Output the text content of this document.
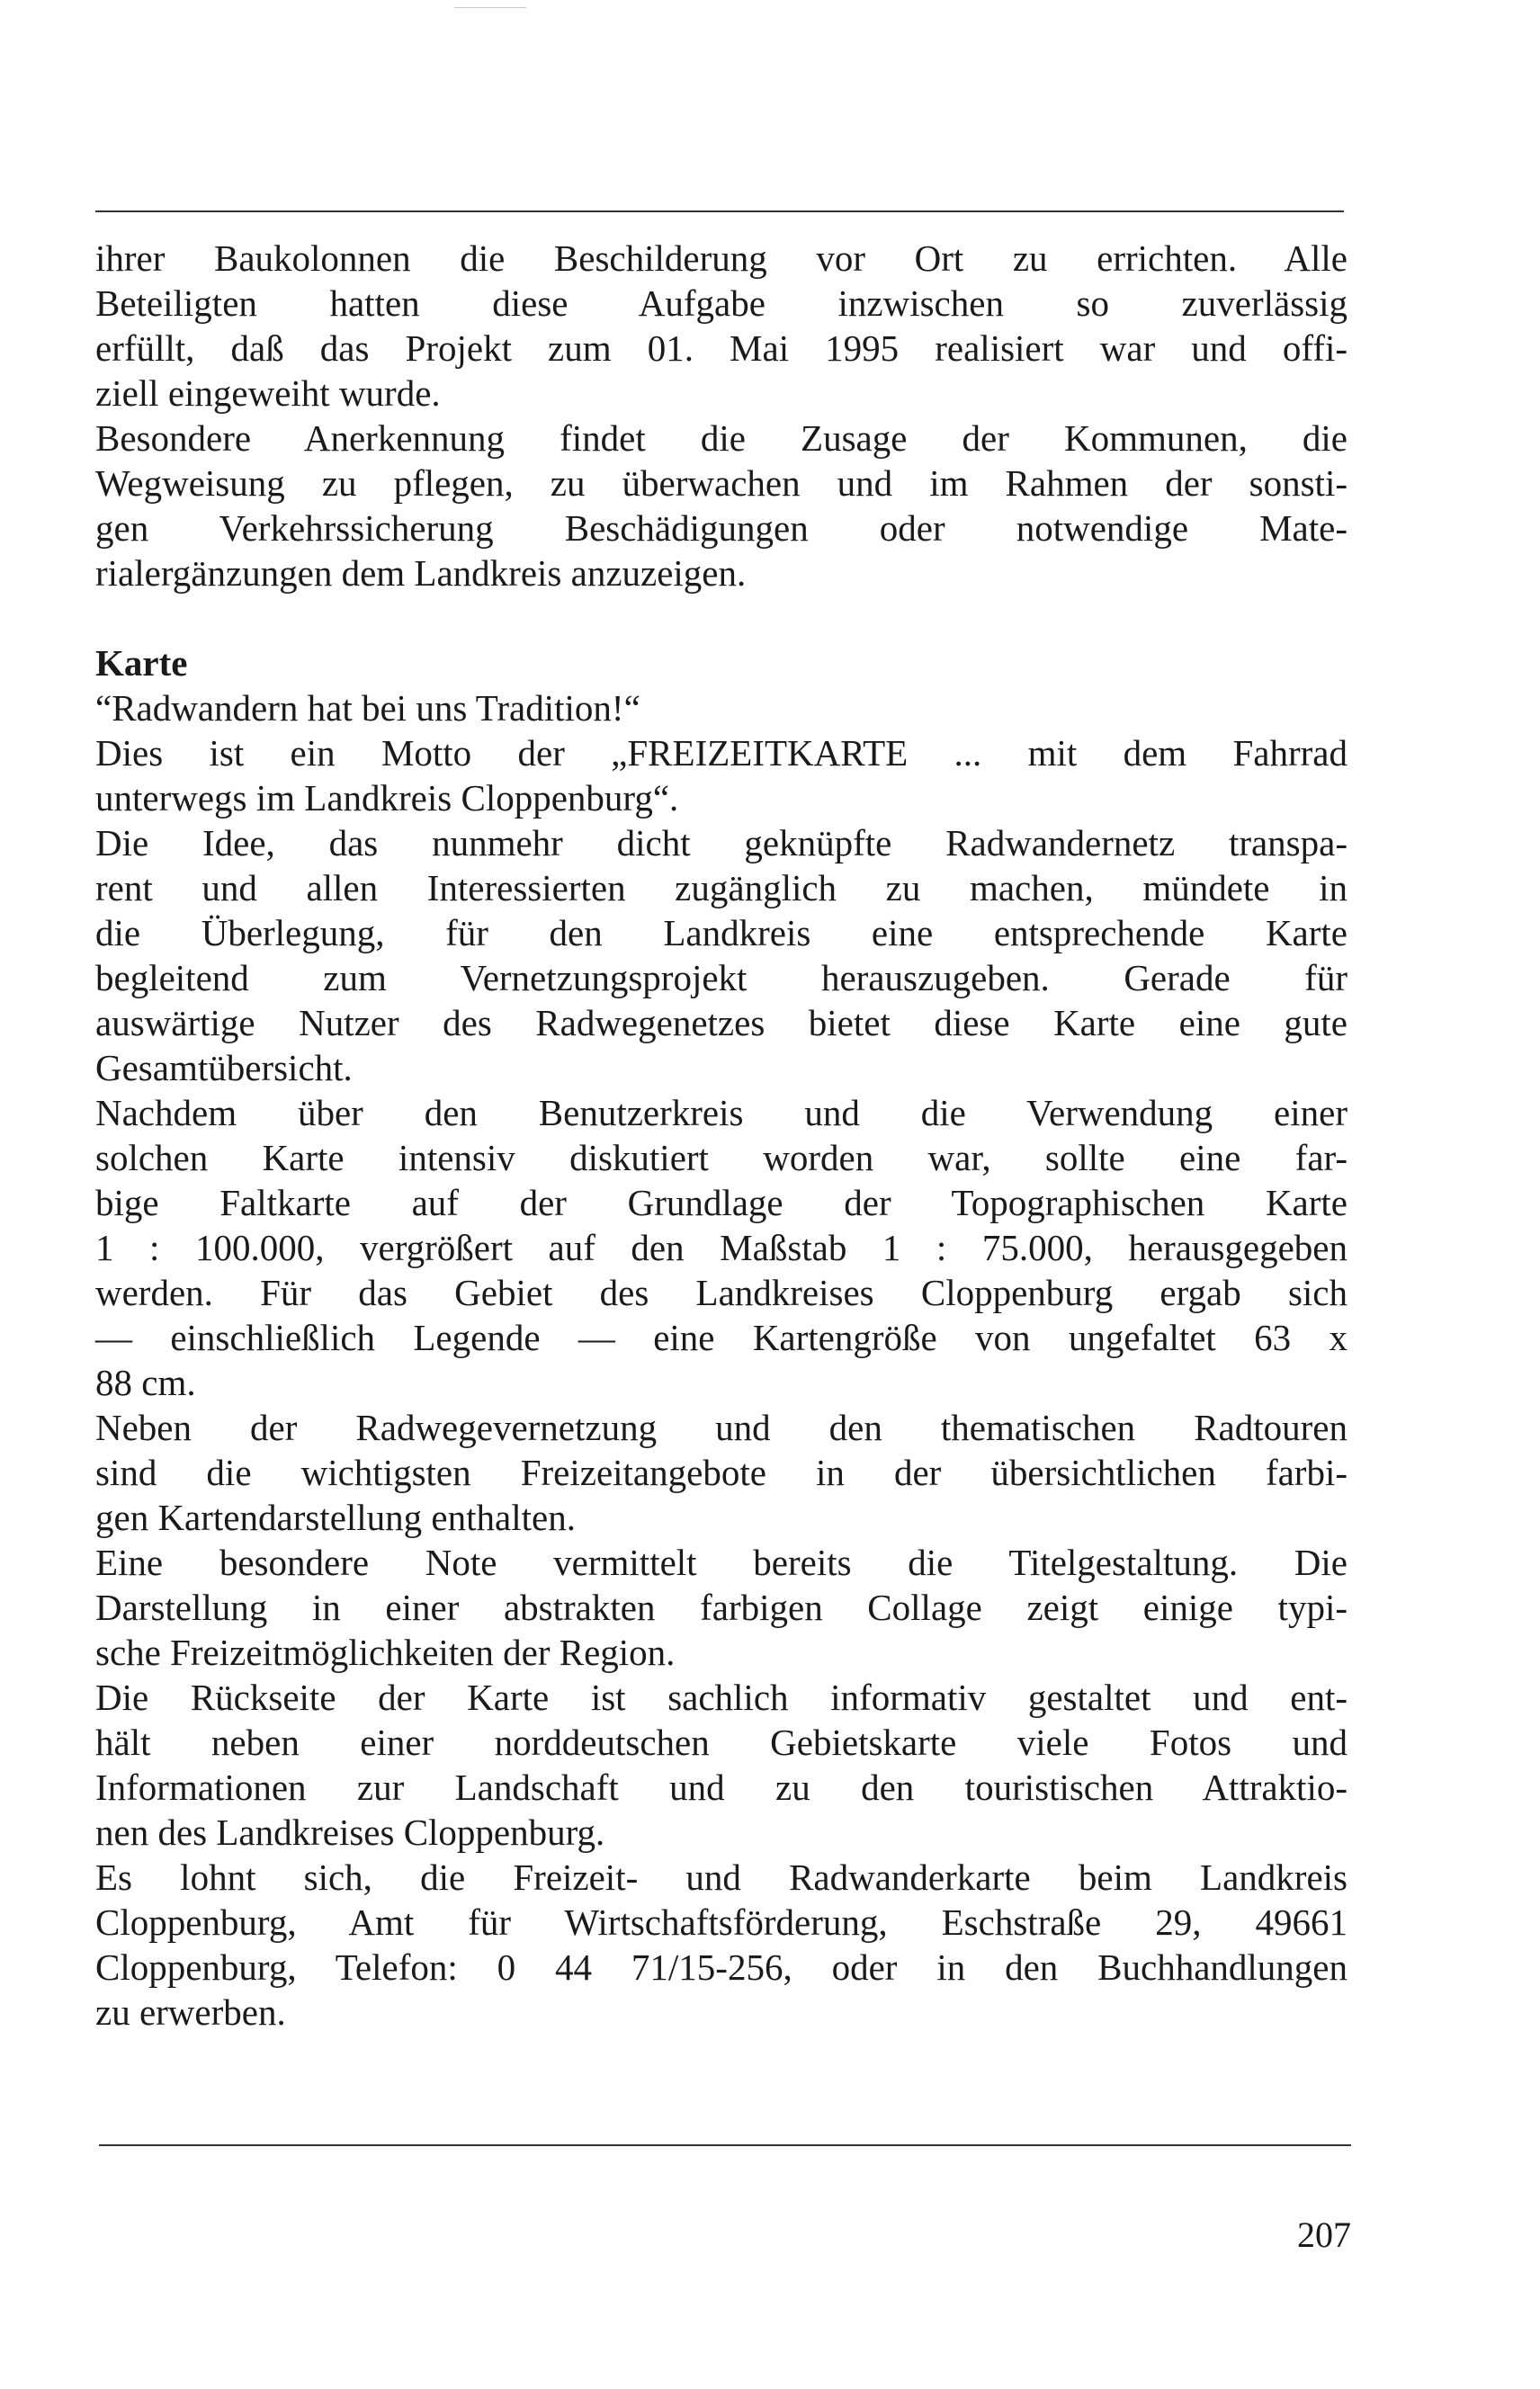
ihrer Baukolonnen die Beschilderung vor Ort zu errichten. Alle
Beteiligten hatten diese Aufgabe inzwischen so zuverlässig
erfüllt, daß das Projekt zum 01. Mai 1995 realisiert war und offi-
ziell eingeweiht wurde.
Besondere Anerkennung findet die Zusage der Kommunen, die
Wegweisung zu pflegen, zu überwachen und im Rahmen der sonsti-
gen Verkehrssicherung Beschädigungen oder notwendige Mate-
rialergänzungen dem Landkreis anzuzeigen.
Karte
“Radwandern hat bei uns Tradition!“
Dies ist ein Motto der „FREIZEITKARTE ... mit dem Fahrrad
unterwegs im Landkreis Cloppenburg“.
Die Idee, das nunmehr dicht geknüpfte Radwandernetz transpa-
rent und allen Interessierten zugänglich zu machen, mündete in
die Überlegung, für den Landkreis eine entsprechende Karte
begleitend zum Vernetzungsprojekt herauszugeben. Gerade für
auswärtige Nutzer des Radwegenetzes bietet diese Karte eine gute
Gesamtübersicht.
Nachdem über den Benutzerkreis und die Verwendung einer
solchen Karte intensiv diskutiert worden war, sollte eine far-
bige Faltkarte auf der Grundlage der Topographischen Karte
1 : 100.000, vergrößert auf den Maßstab 1 : 75.000, herausgegeben
werden. Für das Gebiet des Landkreises Cloppenburg ergab sich
— einschließlich Legende — eine Kartengröße von ungefaltet 63 x
88 cm.
Neben der Radwegevernetzung und den thematischen Radtouren
sind die wichtigsten Freizeitangebote in der übersichtlichen farbi-
gen Kartendarstellung enthalten.
Eine besondere Note vermittelt bereits die Titelgestaltung. Die
Darstellung in einer abstrakten farbigen Collage zeigt einige typi-
sche Freizeitmöglichkeiten der Region.
Die Rückseite der Karte ist sachlich informativ gestaltet und ent-
hält neben einer norddeutschen Gebietskarte viele Fotos und
Informationen zur Landschaft und zu den touristischen Attraktio-
nen des Landkreises Cloppenburg.
Es lohnt sich, die Freizeit- und Radwanderkarte beim Landkreis
Cloppenburg, Amt für Wirtschaftsförderung, Eschstraße 29, 49661
Cloppenburg, Telefon: 0 44 71/15-256, oder in den Buchhandlungen
zu erwerben.
207
